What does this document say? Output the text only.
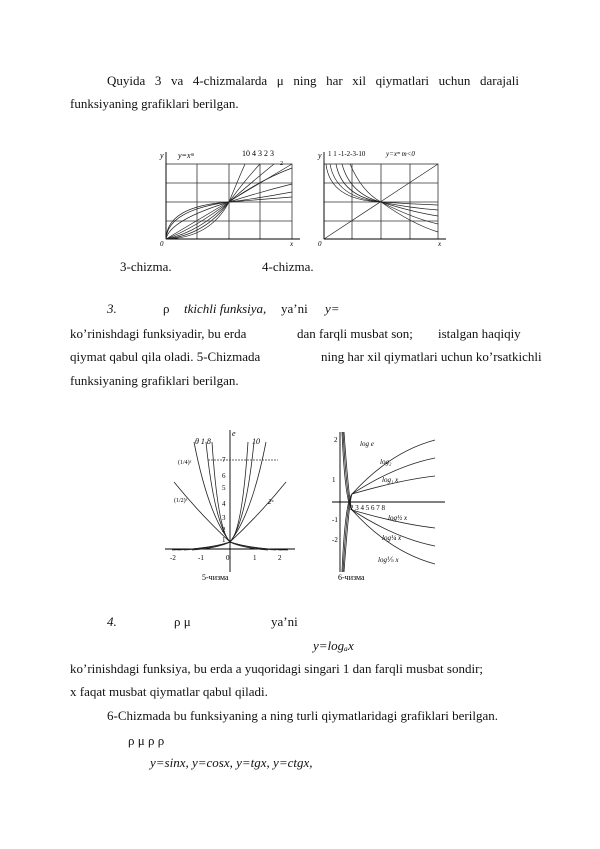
Quyida 3 va 4-chizmalarda μ ning har xil qiymatlari uchun darajali
funksiyaning grafiklari berilgan.
y y=xᵐ	10 4 3 2 3
2
0	x
y 1 1 -1-2-3-10	y=xᵐ m<0
0	x
3-chizma.	4-chizma.
3.	ρ tkichli funksiya, ya’ni y=
ko’rinishdagi funksiyadir, bu erda	dan farqli musbat son; istalgan haqiqiy
qiymat qabul qila oladi. 5-Chizmada	ning har xil qiymatlari uchun ko’rsatkichli
funksiyaning grafiklari berilgan.
θ 1 8	10
e
2ˣ
(1/4)ˣ
(1/2)ˣ
7
6
5
4
3
2
1
-2	-1	0	1	2
5-чизма
log e
log₂
log₁ x
log½ x
log¼ x
log⅕ x
2 3 4 5 6 7 8
2
1
-1
-2
6-чизма
4.	ρ μ	ya’ni
y=logₐx
ko’rinishdagi funksiya, bu erda a yuqoridagi singari 1 dan farqli musbat sondir;
x faqat musbat qiymatlar qabul qiladi.
6-Chizmada bu funksiyaning a ning turli qiymatlaridagi grafiklari berilgan.
ρ μ ρ ρ
y=sinx, y=cosx, y=tgx, y=ctgx,
